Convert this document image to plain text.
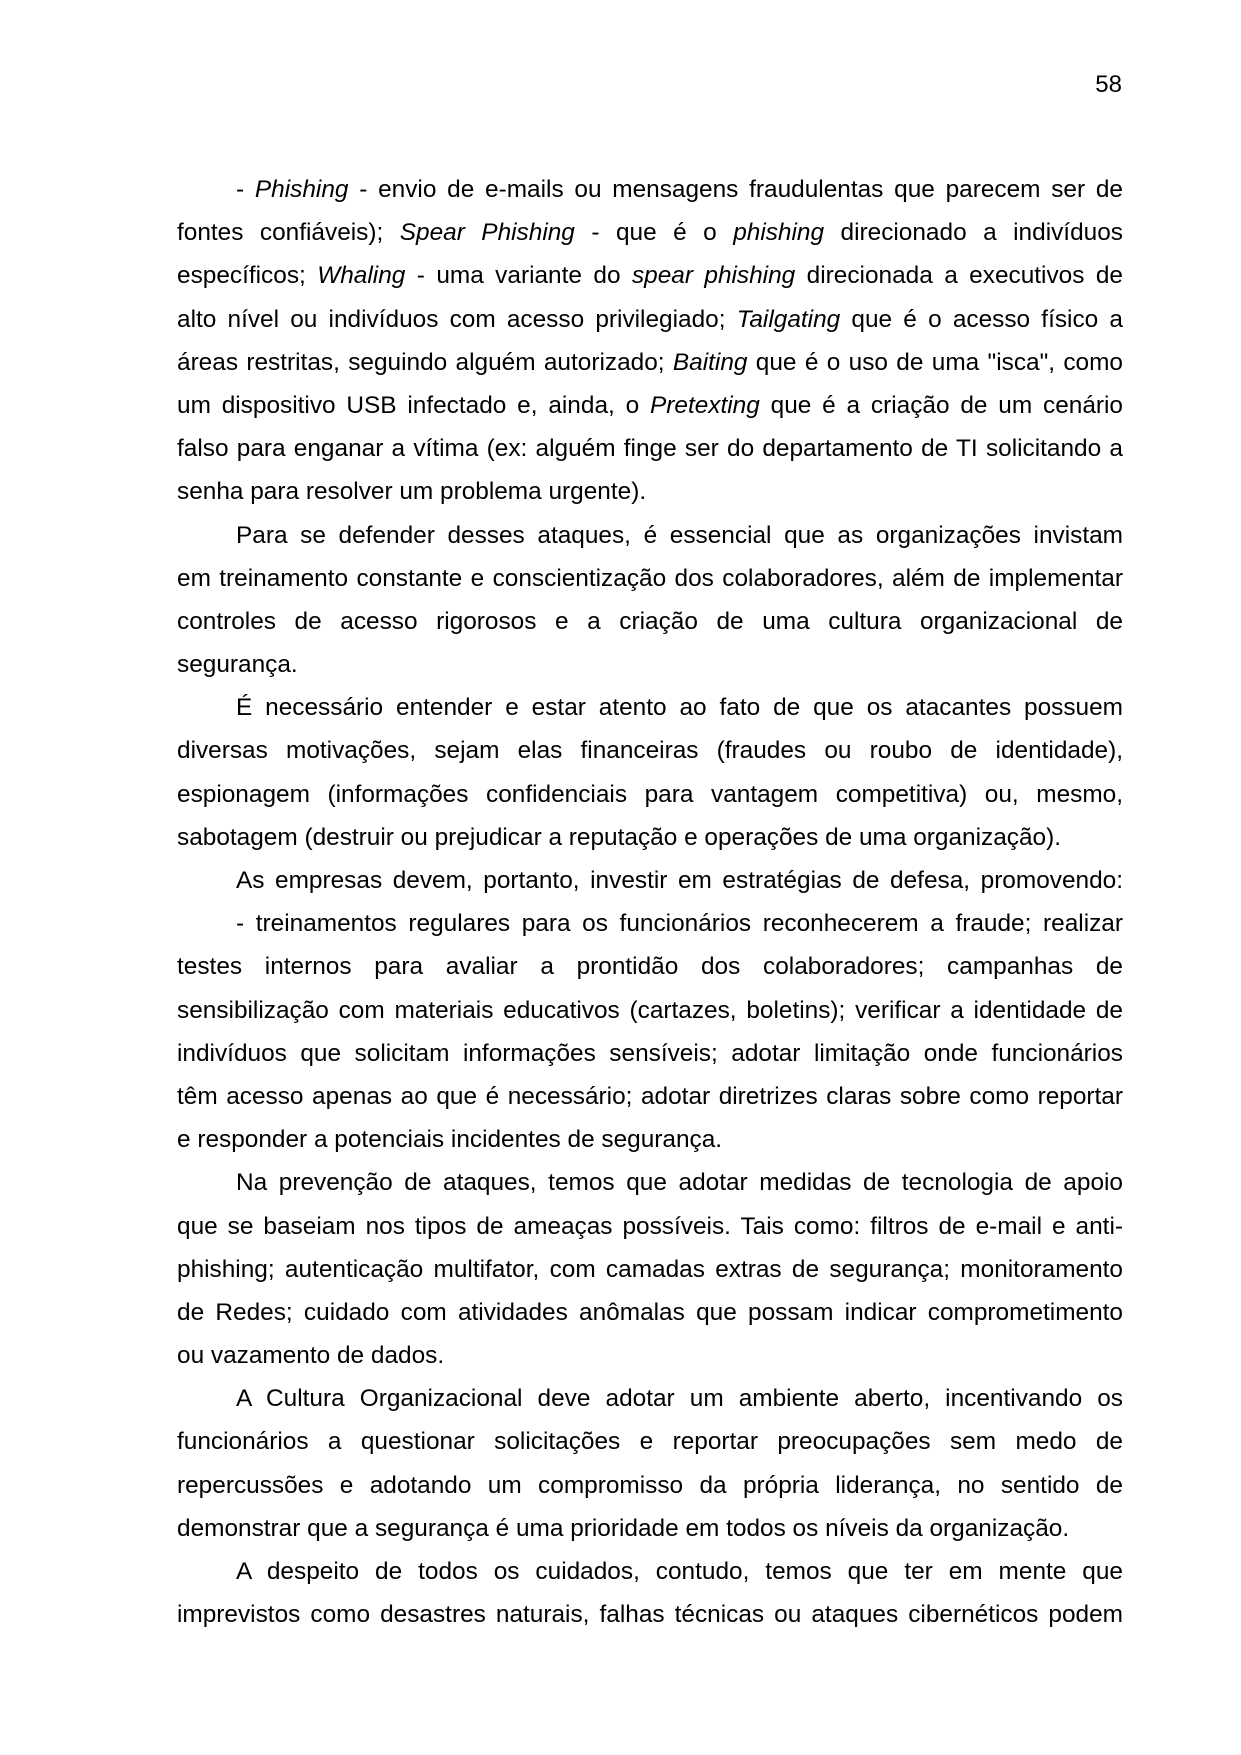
58
- Phishing - envio de e-mails ou mensagens fraudulentas que parecem ser de
fontes confiáveis); Spear Phishing - que é o phishing direcionado a indivíduos
específicos; Whaling - uma variante do spear phishing direcionada a executivos de
alto nível ou indivíduos com acesso privilegiado; Tailgating que é o acesso físico a
áreas restritas, seguindo alguém autorizado; Baiting que é o uso de uma "isca", como
um dispositivo USB infectado e, ainda, o Pretexting que é a criação de um cenário
falso para enganar a vítima (ex: alguém finge ser do departamento de TI solicitando a
senha para resolver um problema urgente).
Para se defender desses ataques, é essencial que as organizações invistam
em treinamento constante e conscientização dos colaboradores, além de implementar
controles de acesso rigorosos e a criação de uma cultura organizacional de
segurança.
É necessário entender e estar atento ao fato de que os atacantes possuem
diversas motivações, sejam elas financeiras (fraudes ou roubo de identidade),
espionagem (informações confidenciais para vantagem competitiva) ou, mesmo,
sabotagem (destruir ou prejudicar a reputação e operações de uma organização).
As empresas devem, portanto, investir em estratégias de defesa, promovendo:
- treinamentos regulares para os funcionários reconhecerem a fraude; realizar
testes internos para avaliar a prontidão dos colaboradores; campanhas de
sensibilização com materiais educativos (cartazes, boletins); verificar a identidade de
indivíduos que solicitam informações sensíveis; adotar limitação onde funcionários
têm acesso apenas ao que é necessário; adotar diretrizes claras sobre como reportar
e responder a potenciais incidentes de segurança.
Na prevenção de ataques, temos que adotar medidas de tecnologia de apoio
que se baseiam nos tipos de ameaças possíveis. Tais como: filtros de e-mail e anti-
phishing; autenticação multifator, com camadas extras de segurança; monitoramento
de Redes; cuidado com atividades anômalas que possam indicar comprometimento
ou vazamento de dados.
A Cultura Organizacional deve adotar um ambiente aberto, incentivando os
funcionários a questionar solicitações e reportar preocupações sem medo de
repercussões e adotando um compromisso da própria liderança, no sentido de
demonstrar que a segurança é uma prioridade em todos os níveis da organização.
A despeito de todos os cuidados, contudo, temos que ter em mente que
imprevistos como desastres naturais, falhas técnicas ou ataques cibernéticos podem
